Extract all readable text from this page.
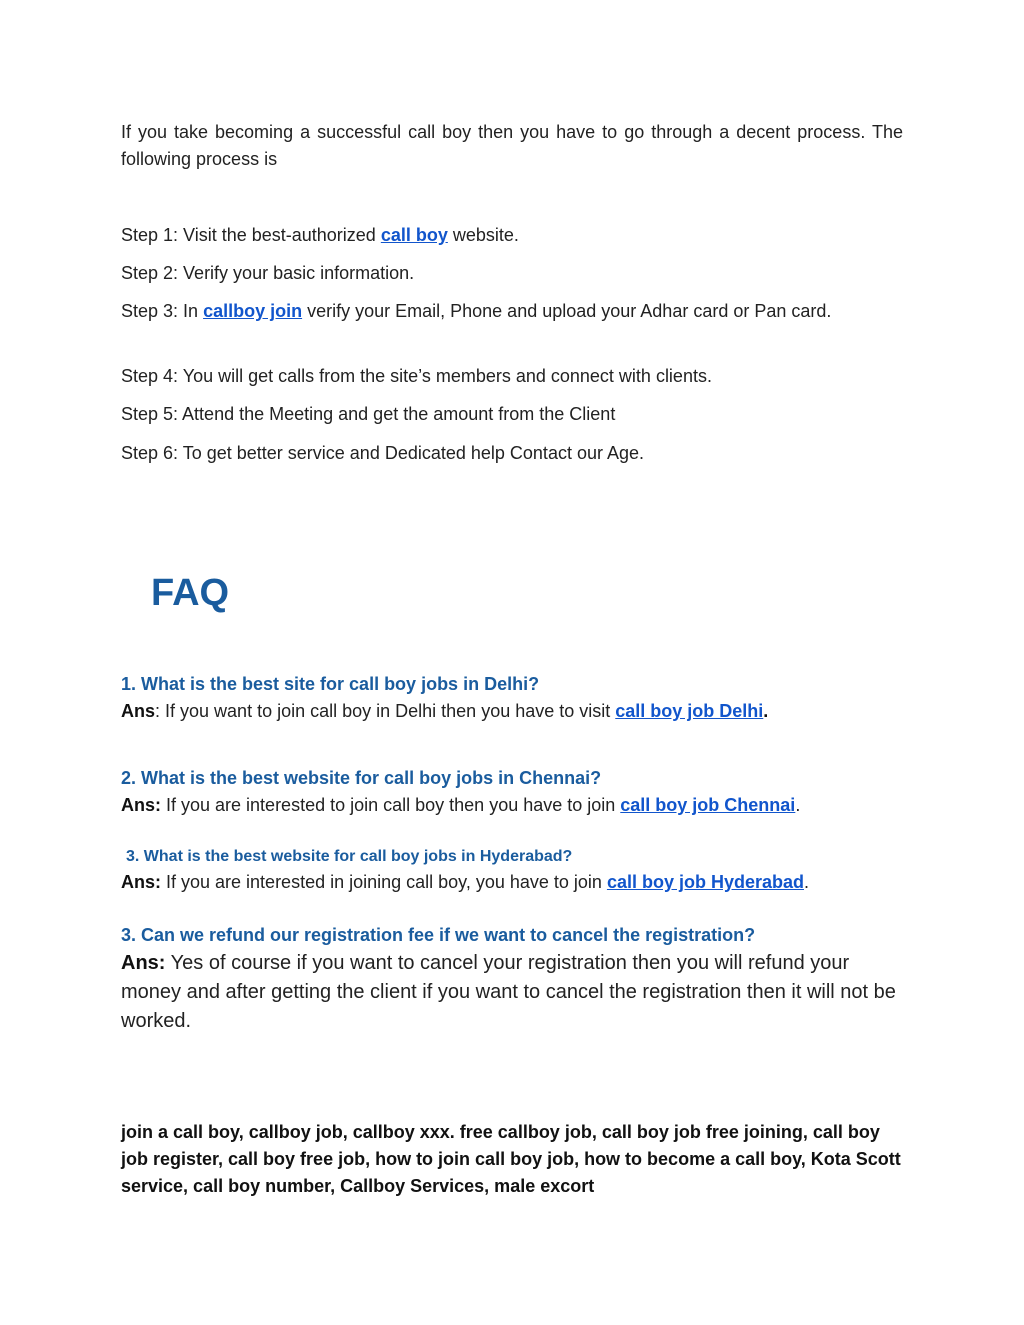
If you take becoming a successful call boy then you have to go through a decent process. The following process is

Step 1: Visit the best-authorized call boy website.

Step 2: Verify your basic information.

Step 3: In callboy join verify your Email, Phone and upload your Adhar card or Pan card.

Step 4: You will get calls from the site’s members and connect with clients.

Step 5: Attend the Meeting and get the amount from the Client

Step 6: To get better service and Dedicated help Contact our Age.

FAQ

1. What is the best site for call boy jobs in Delhi?

Ans: If you want to join call boy in Delhi then you have to visit call boy job Delhi.

2. What is the best website for call boy jobs in Chennai?

Ans: If you are interested to join call boy then you have to join call boy job Chennai.

3. What is the best website for call boy jobs in Hyderabad?

Ans: If you are interested in joining call boy, you have to join call boy job Hyderabad.

3. Can we refund our registration fee if we want to cancel the registration?

Ans: Yes of course if you want to cancel your registration then you will refund your money and after getting the client if you want to cancel the registration then it will not be worked.

join a call boy, callboy job, callboy xxx. free callboy job, call boy job free joining, call boy job register, call boy free job, how to join call boy job, how to become a call boy, Kota Scott service, call boy number, Callboy Services, male excort
